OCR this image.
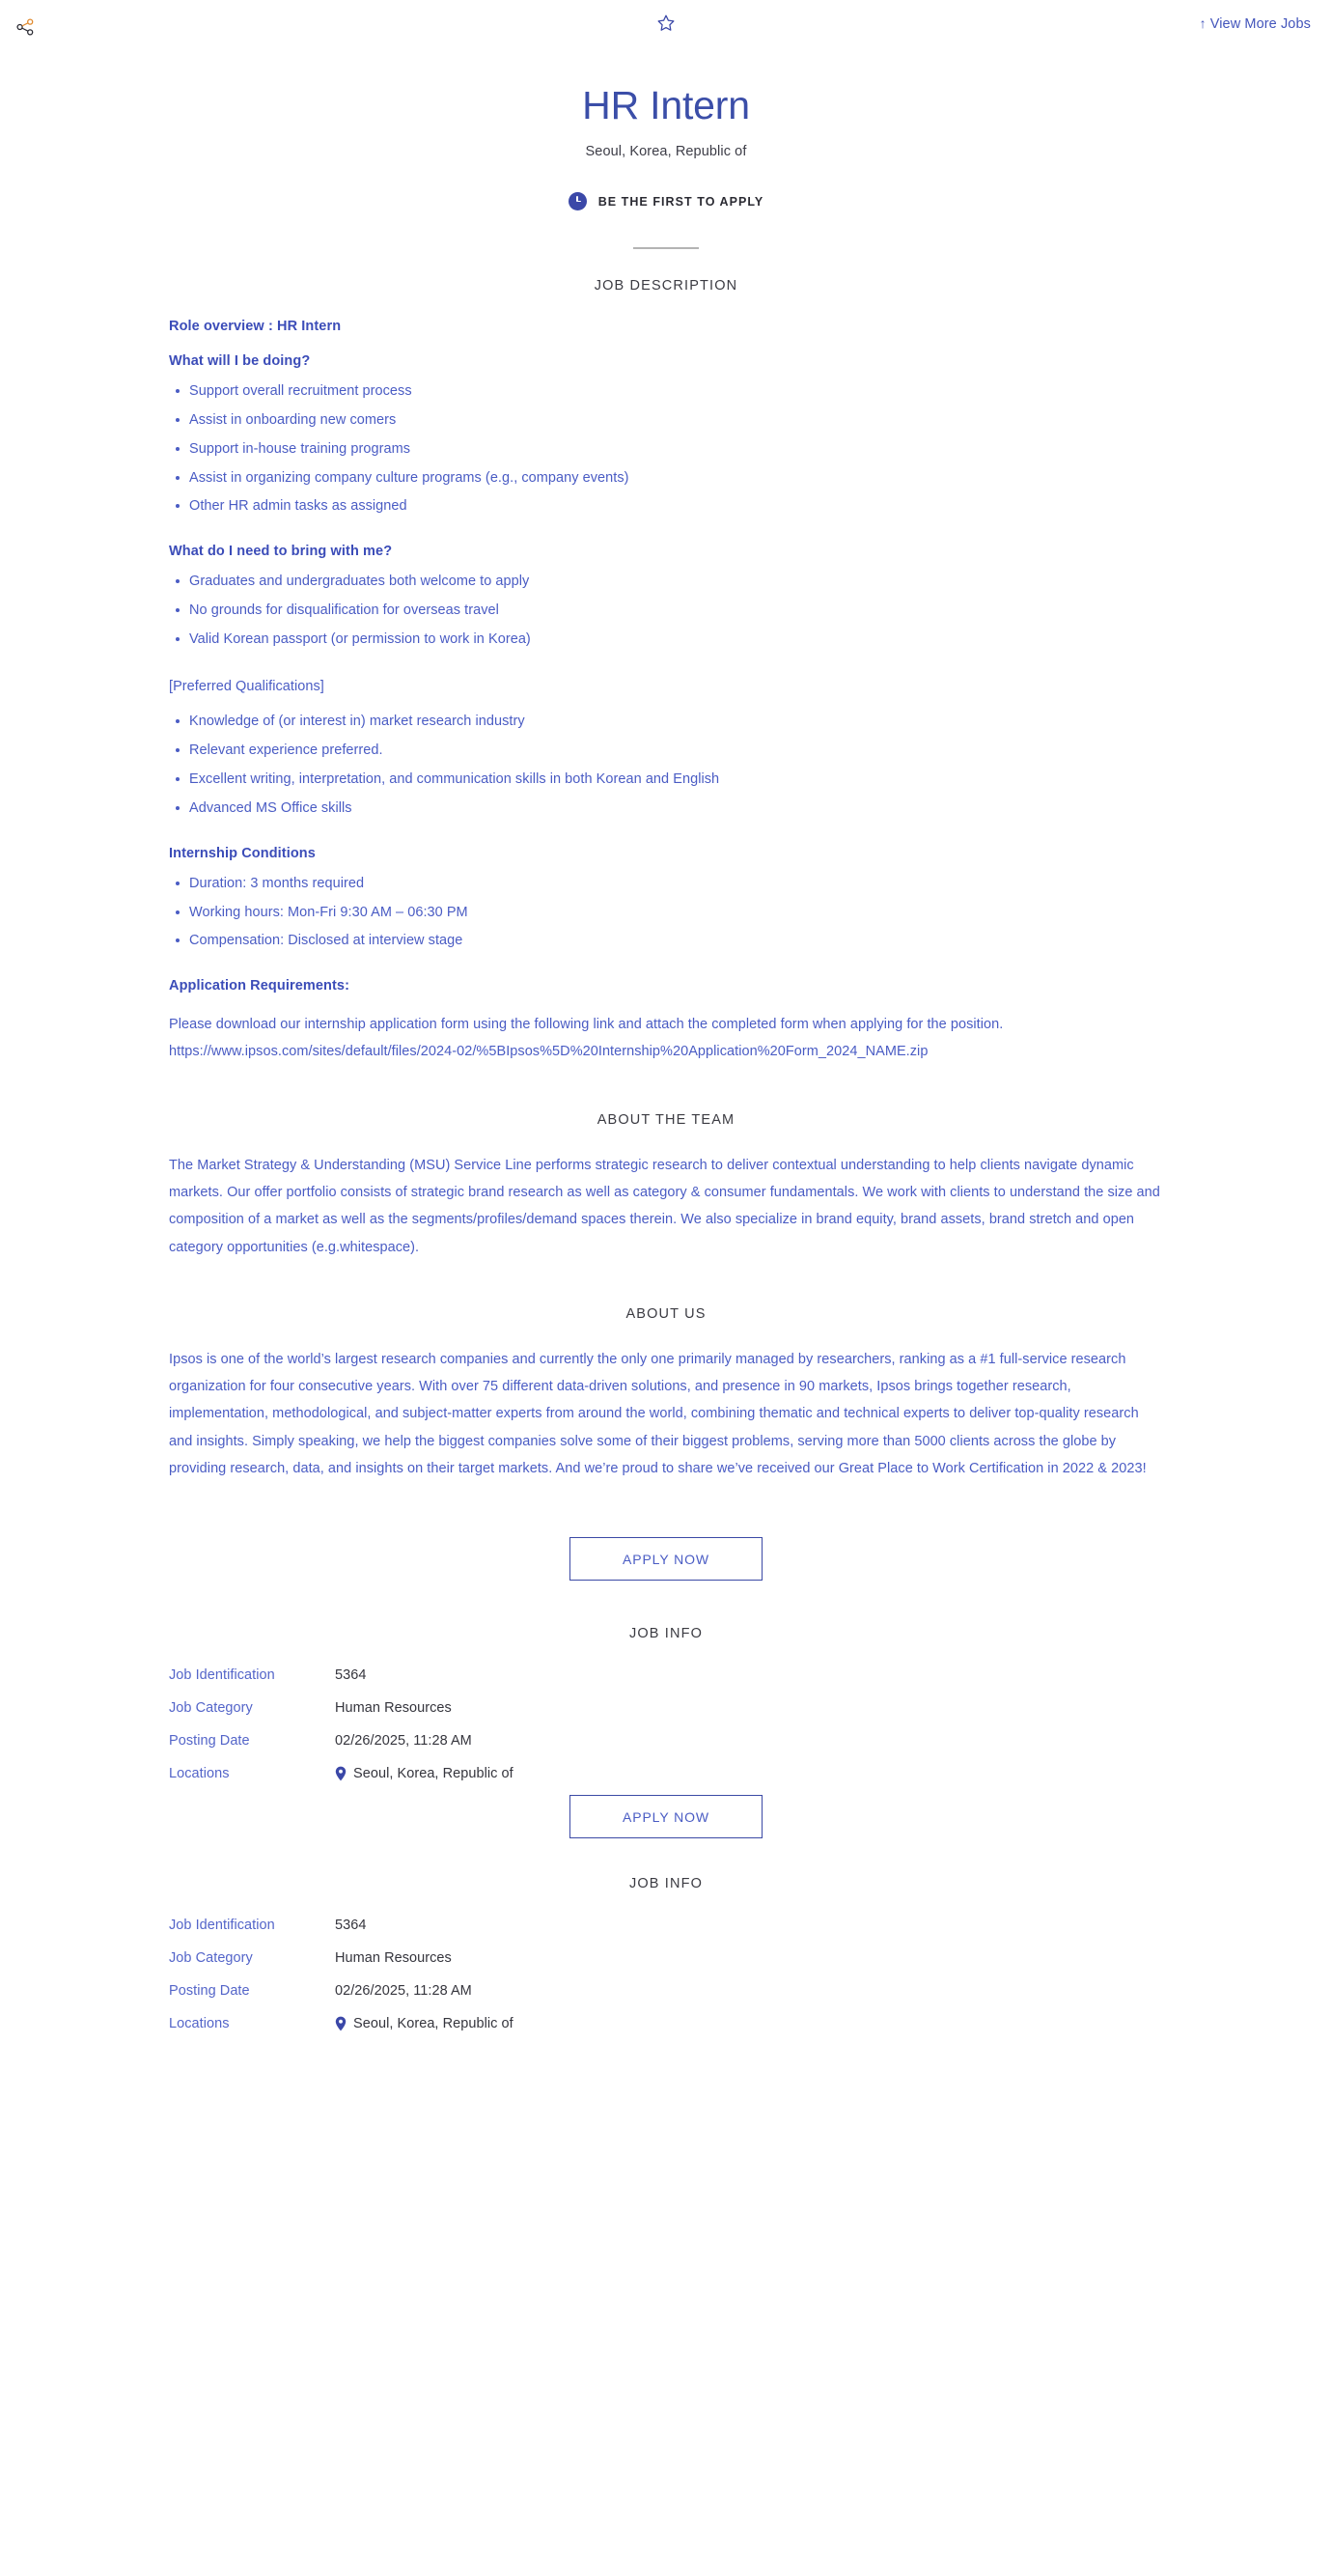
↑ View More Jobs
HR Intern
Seoul, Korea, Republic of
BE THE FIRST TO APPLY
JOB DESCRIPTION
Role overview : HR Intern
What will I be doing?
Support overall recruitment process
Assist in onboarding new comers
Support in-house training programs
Assist in organizing company culture programs (e.g., company events)
Other HR admin tasks as assigned
What do I need to bring with me?
Graduates and undergraduates both welcome to apply
No grounds for disqualification for overseas travel
Valid Korean passport (or permission to work in Korea)
[Preferred Qualifications]
Knowledge of (or interest in) market research industry
Relevant experience preferred.
Excellent writing, interpretation, and communication skills in both Korean and English
Advanced MS Office skills
Internship Conditions
Duration: 3 months required
Working hours: Mon-Fri 9:30 AM – 06:30 PM
Compensation: Disclosed at interview stage
Application Requirements:
Please download our internship application form using the following link and attach the completed form when applying for the position.
https://www.ipsos.com/sites/default/files/2024-02/%5BIpsos%5D%20Internship%20Application%20Form_2024_NAME.zip
ABOUT THE TEAM
The Market Strategy & Understanding (MSU) Service Line performs strategic research to deliver contextual understanding to help clients navigate dynamic markets. Our offer portfolio consists of strategic brand research as well as category & consumer fundamentals. We work with clients to understand the size and composition of a market as well as the segments/profiles/demand spaces therein. We also specialize in brand equity, brand assets, brand stretch and open category opportunities (e.g.whitespace).
ABOUT US
Ipsos is one of the world’s largest research companies and currently the only one primarily managed by researchers, ranking as a #1 full-service research organization for four consecutive years. With over 75 different data-driven solutions, and presence in 90 markets, Ipsos brings together research, implementation, methodological, and subject-matter experts from around the world, combining thematic and technical experts to deliver top-quality research and insights. Simply speaking, we help the biggest companies solve some of their biggest problems, serving more than 5000 clients across the globe by providing research, data, and insights on their target markets. And we’re proud to share we’ve received our Great Place to Work Certification in 2022 & 2023!
APPLY NOW
JOB INFO
Job Identification	5364
Job Category	Human Resources
Posting Date	02/26/2025, 11:28 AM
Locations	Seoul, Korea, Republic of
APPLY NOW
JOB INFO
Job Identification	5364
Job Category	Human Resources
Posting Date	02/26/2025, 11:28 AM
Locations	Seoul, Korea, Republic of
